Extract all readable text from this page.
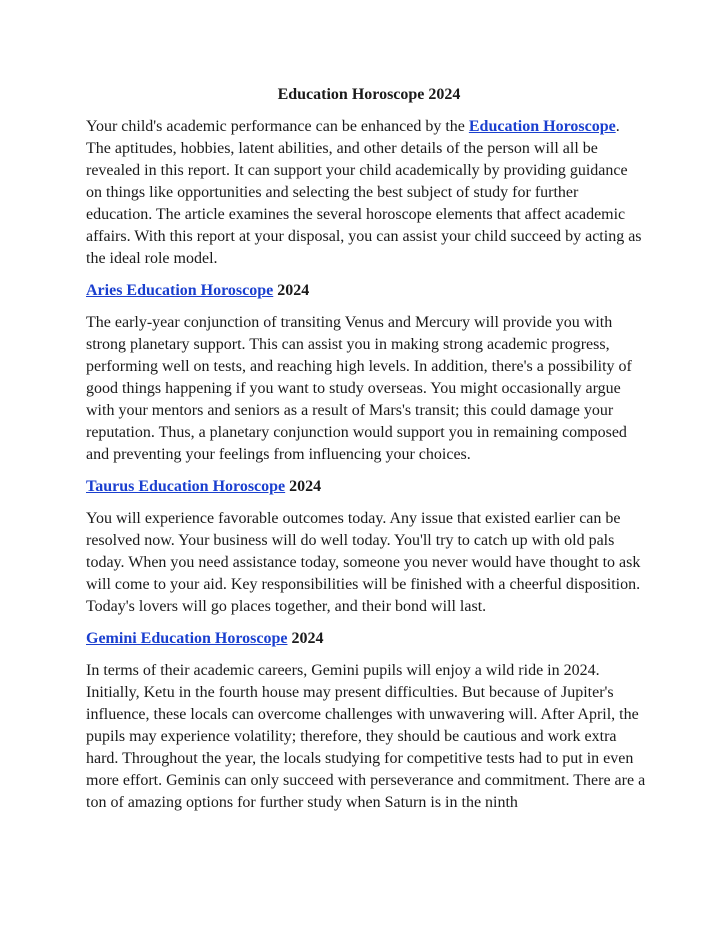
Education Horoscope 2024

Your child's academic performance can be enhanced by the Education Horoscope. The aptitudes, hobbies, latent abilities, and other details of the person will all be revealed in this report. It can support your child academically by providing guidance on things like opportunities and selecting the best subject of study for further education. The article examines the several horoscope elements that affect academic affairs. With this report at your disposal, you can assist your child succeed by acting as the ideal role model.

Aries Education Horoscope 2024

The early-year conjunction of transiting Venus and Mercury will provide you with strong planetary support. This can assist you in making strong academic progress, performing well on tests, and reaching high levels. In addition, there's a possibility of good things happening if you want to study overseas. You might occasionally argue with your mentors and seniors as a result of Mars's transit; this could damage your reputation. Thus, a planetary conjunction would support you in remaining composed and preventing your feelings from influencing your choices.

Taurus Education Horoscope 2024

You will experience favorable outcomes today. Any issue that existed earlier can be resolved now. Your business will do well today. You'll try to catch up with old pals today. When you need assistance today, someone you never would have thought to ask will come to your aid. Key responsibilities will be finished with a cheerful disposition. Today's lovers will go places together, and their bond will last.

Gemini Education Horoscope 2024

In terms of their academic careers, Gemini pupils will enjoy a wild ride in 2024. Initially, Ketu in the fourth house may present difficulties. But because of Jupiter's influence, these locals can overcome challenges with unwavering will. After April, the pupils may experience volatility; therefore, they should be cautious and work extra hard. Throughout the year, the locals studying for competitive tests had to put in even more effort. Geminis can only succeed with perseverance and commitment. There are a ton of amazing options for further study when Saturn is in the ninth
